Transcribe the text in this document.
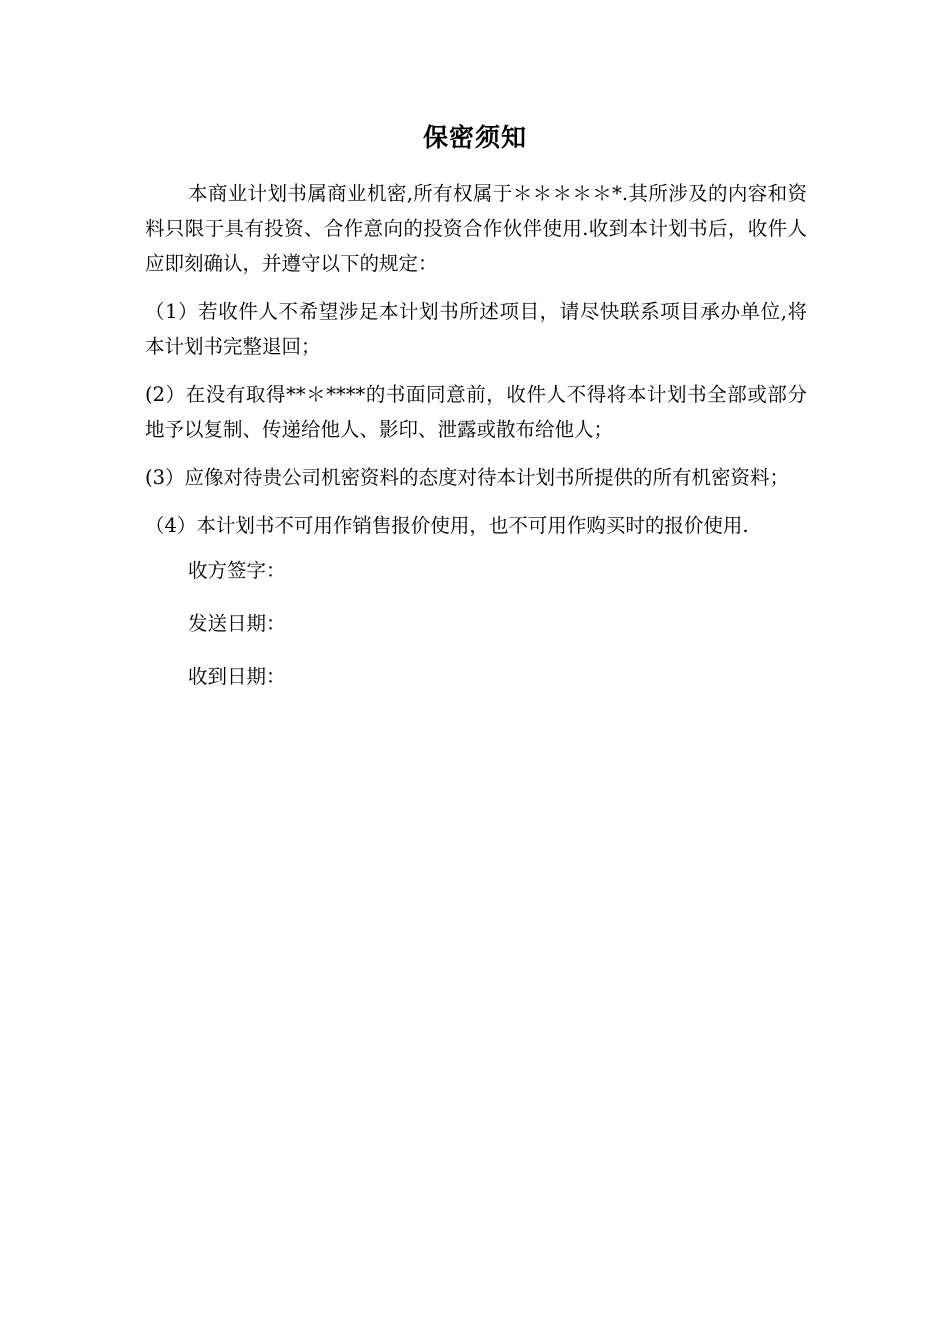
保密须知

本商业计划书属商业机密,所有权属于＊＊＊＊＊*.其所涉及的内容和资料只限于具有投资、合作意向的投资合作伙伴使用.收到本计划书后，收件人应即刻确认，并遵守以下的规定：

（1）若收件人不希望涉足本计划书所述项目，请尽快联系项目承办单位,将本计划书完整退回；

(2）在没有取得**＊****的书面同意前，收件人不得将本计划书全部或部分地予以复制、传递给他人、影印、泄露或散布给他人；

(3）应像对待贵公司机密资料的态度对待本计划书所提供的所有机密资料；

（4）本计划书不可用作销售报价使用，也不可用作购买时的报价使用.

收方签字：

发送日期：

收到日期：
